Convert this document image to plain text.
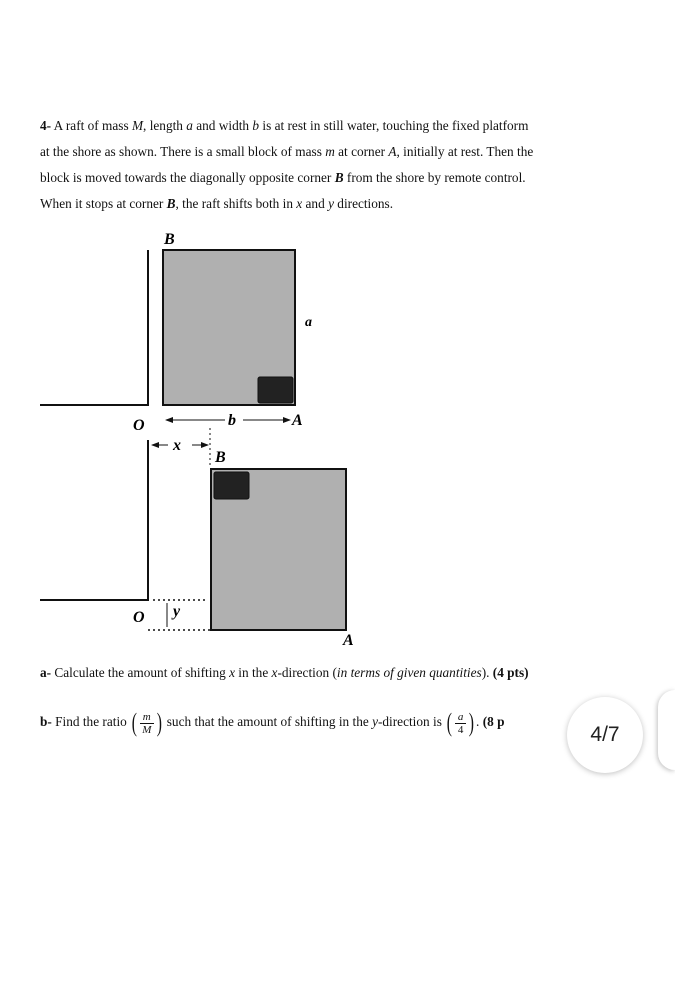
4- A raft of mass M, length a and width b is at rest in still water, touching the fixed platform
at the shore as shown. There is a small block of mass m at corner A, initially at rest. Then the
block is moved towards the diagonally opposite corner B from the shore by remote control.
When it stops at corner B, the raft shifts both in x and y directions.
B
a
O	b	A
x
B
O y
A
a- Calculate the amount of shifting x in the x-direction (in terms of given quantities). (4 pts)
b- Find the ratio ( $\frac{m}{M}$ ) such that the amount of shifting in the y-direction is ( $\frac{a}{4}$ ) . (8 p
4/7
